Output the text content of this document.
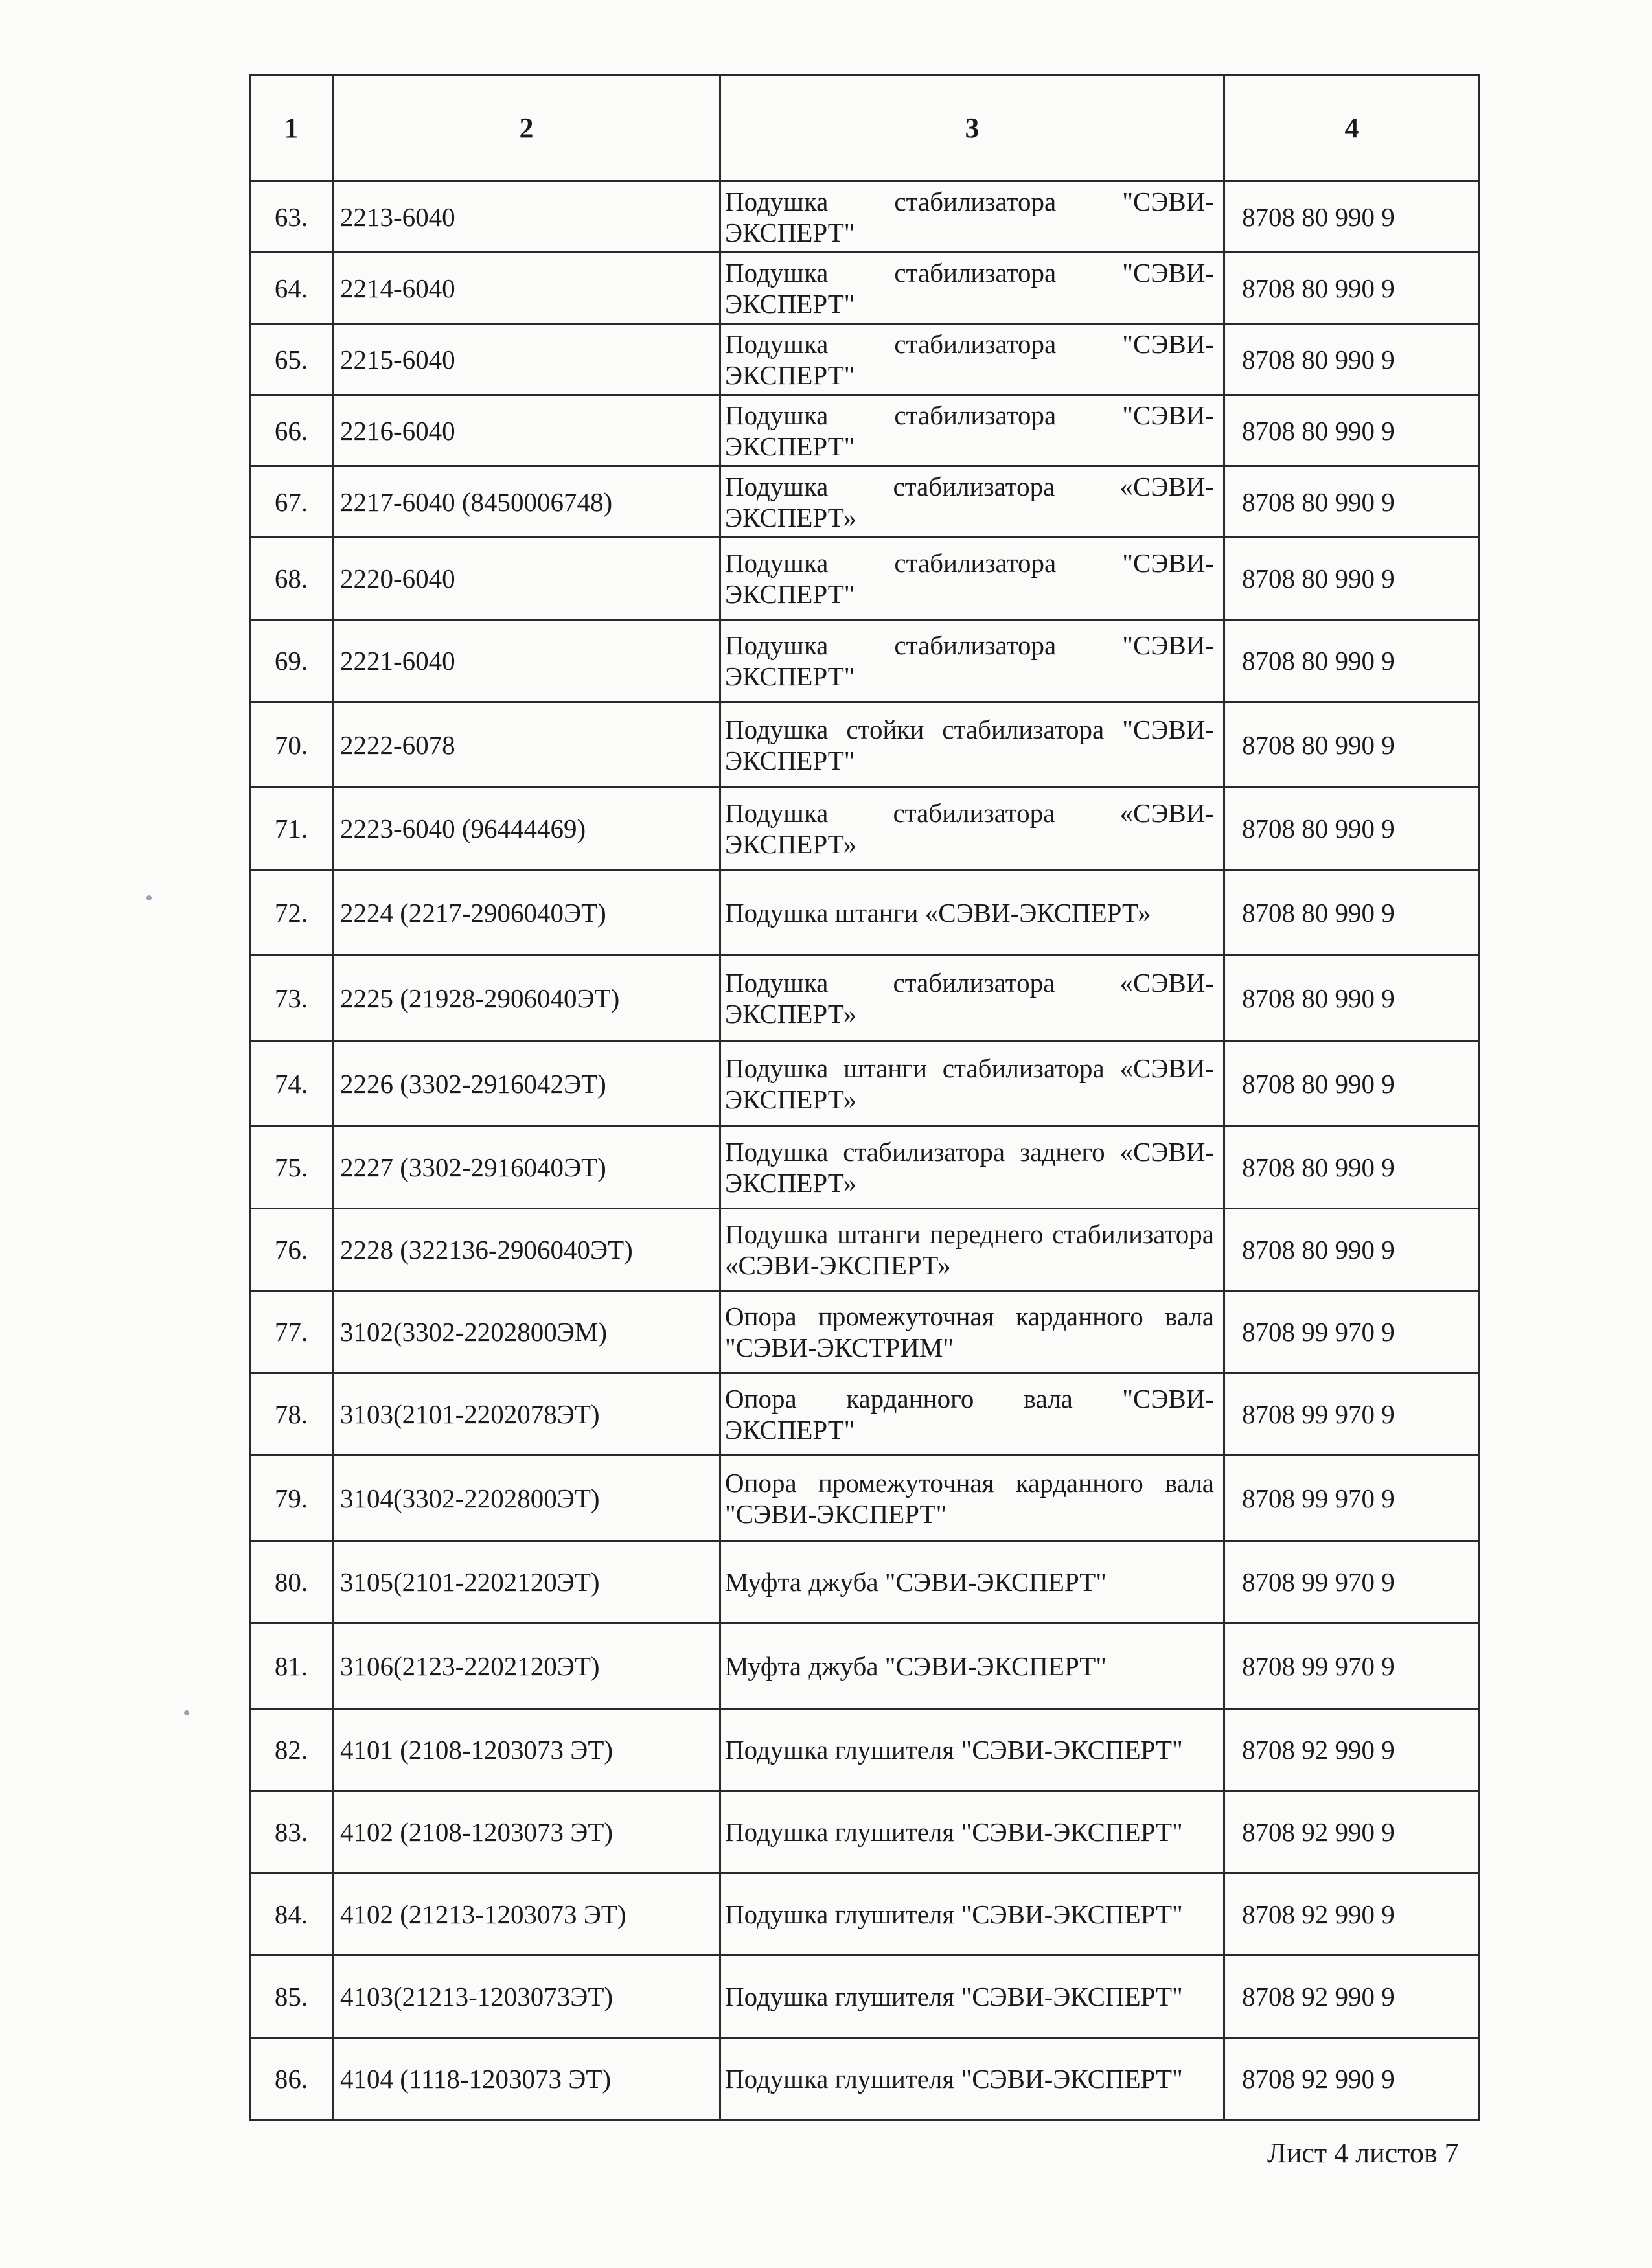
1	2	3	4
63.	2213-6040	Подушка стабилизатора "СЭВИ-ЭКСПЕРТ"	8708 80 990 9
64.	2214-6040	Подушка стабилизатора "СЭВИ-ЭКСПЕРТ"	8708 80 990 9
65.	2215-6040	Подушка стабилизатора "СЭВИ-ЭКСПЕРТ"	8708 80 990 9
66.	2216-6040	Подушка стабилизатора "СЭВИ-ЭКСПЕРТ"	8708 80 990 9
67.	2217-6040 (8450006748)	Подушка стабилизатора «СЭВИ-ЭКСПЕРТ»	8708 80 990 9
68.	2220-6040	Подушка стабилизатора "СЭВИ-ЭКСПЕРТ"	8708 80 990 9
69.	2221-6040	Подушка стабилизатора "СЭВИ-ЭКСПЕРТ"	8708 80 990 9
70.	2222-6078	Подушка стойки стабилизатора "СЭВИ-ЭКСПЕРТ"	8708 80 990 9
71.	2223-6040 (96444469)	Подушка стабилизатора «СЭВИ-ЭКСПЕРТ»	8708 80 990 9
72.	2224 (2217-2906040ЭТ)	Подушка штанги «СЭВИ-ЭКСПЕРТ»	8708 80 990 9
73.	2225 (21928-2906040ЭТ)	Подушка стабилизатора «СЭВИ-ЭКСПЕРТ»	8708 80 990 9
74.	2226 (3302-2916042ЭТ)	Подушка штанги стабилизатора «СЭВИ-ЭКСПЕРТ»	8708 80 990 9
75.	2227 (3302-2916040ЭТ)	Подушка стабилизатора заднего «СЭВИ-ЭКСПЕРТ»	8708 80 990 9
76.	2228 (322136-2906040ЭТ)	Подушка штанги переднего стабилизатора «СЭВИ-ЭКСПЕРТ»	8708 80 990 9
77.	3102(3302-2202800ЭМ)	Опора промежуточная карданного вала "СЭВИ-ЭКСТРИМ"	8708 99 970 9
78.	3103(2101-2202078ЭТ)	Опора карданного вала "СЭВИ-ЭКСПЕРТ"	8708 99 970 9
79.	3104(3302-2202800ЭТ)	Опора промежуточная карданного вала "СЭВИ-ЭКСПЕРТ"	8708 99 970 9
80.	3105(2101-2202120ЭТ)	Муфта джуба "СЭВИ-ЭКСПЕРТ"	8708 99 970 9
81.	3106(2123-2202120ЭТ)	Муфта джуба "СЭВИ-ЭКСПЕРТ"	8708 99 970 9
82.	4101 (2108-1203073 ЭТ)	Подушка глушителя "СЭВИ-ЭКСПЕРТ"	8708 92 990 9
83.	4102 (2108-1203073 ЭТ)	Подушка глушителя "СЭВИ-ЭКСПЕРТ"	8708 92 990 9
84.	4102 (21213-1203073 ЭТ)	Подушка глушителя "СЭВИ-ЭКСПЕРТ"	8708 92 990 9
85.	4103(21213-1203073ЭТ)	Подушка глушителя "СЭВИ-ЭКСПЕРТ"	8708 92 990 9
86.	4104 (1118-1203073 ЭТ)	Подушка глушителя "СЭВИ-ЭКСПЕРТ"	8708 92 990 9
Лист 4 листов 7
